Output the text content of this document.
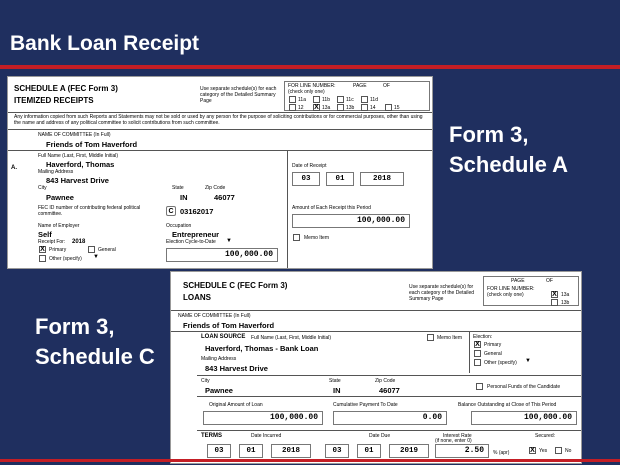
Bank Loan Receipt
Form 3,
Schedule A
Form 3,
Schedule C
SCHEDULE A (FEC Form 3)
ITEMIZED RECEIPTS
Use separate schedule(s) for each category of the Detailed Summary Page
FOR LINE NUMBER:
(check only one)
PAGE	OF
11a	11b	11c	11d
12 X 13a	13b	14	15
Any information copied from such Reports and Statements may not be sold or used by any person for the purpose of soliciting contributions or for commercial purposes, other than using the name and address of any political committee to solicit contributions from such committee.
NAME OF COMMITTEE (In Full)
Friends of Tom Haverford
Full Name (Last, First, Middle Initial)
A.	Haverford, Thomas
Mailing Address
843 Harvest Drive
City
Pawnee
State
IN
Zip Code
46077
FEC ID number of contributing federal political committee.	C 03162017
Name of Employer
Self
Occupation
Entrepreneur
Receipt For: 2018
X Primary	General
Other (specify) ▼
Election Cycle-to-Date ▼
100,000.00
Date of Receipt
03	01	2018
Amount of Each Receipt this Period
100,000.00
Memo Item
SCHEDULE C (FEC Form 3)
LOANS
Use separate schedule(s) for each category of the Detailed Summary Page
PAGE	OF
FOR LINE NUMBER:
(check only one)	X 13a
13b
NAME OF COMMITTEE (In Full)
Friends of Tom Haverford
LOAN SOURCE Full Name (Last, First, Middle Initial)	Memo Item
Haverford, Thomas - Bank Loan
Election:
X Primary
General
Other (specify) ▼
Mailing Address
843 Harvest Drive
City
Pawnee
State
IN
Zip Code
46077	Personal Funds of the Candidate
Original Amount of Loan
100,000.00
Cumulative Payment To Date
0.00
Balance Outstanding at Close of This Period
100,000.00
TERMS	Date Incurred	Date Due	Interest Rate
(if none, enter 0)
Secured:
03	01	2018	03	01	2019	2.50	% (apr)	X Yes	No
